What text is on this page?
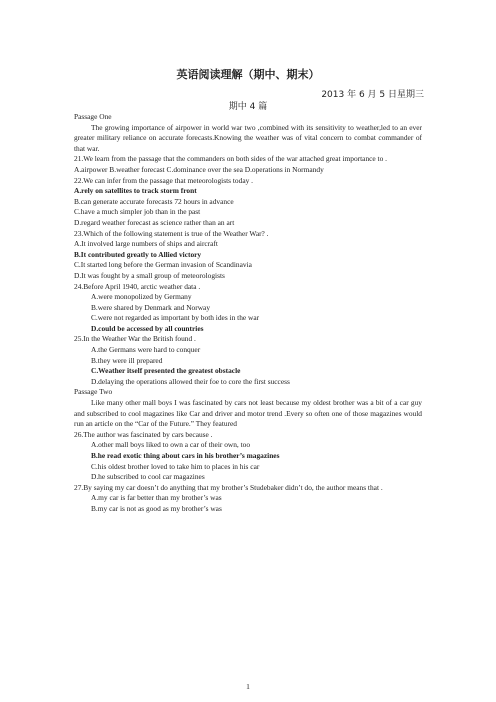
英语阅读理解（期中、期末）
2013 年 6 月 5 日星期三
期中 4 篇
Passage One
The growing importance of airpower in world war two ,combined with its sensitivity to weather,led to an ever greater military reliance on accurate forecasts.Knowing the weather was of vital concern to combat commander of that war.
21.We learn from the passage that the commanders on both sides of the war attached great importance to .
A.airpower B.weather forecast C.dominance over the sea D.operations in Normandy
22.We can infer from the passage that meteorologists today .
A.rely on satellites to track storm front
B.can generate accurate forecasts 72 hours in advance
C.have a much simpler job than in the past
D.regard weather forecast as science rather than an art
23.Which of the following statement is true of the Weather War? .
A.It involved large numbers of ships and aircraft
B.It contributed greatly to Allied victory
C.It started long before the German invasion of Scandinavia
D.It was fought by a small group of meteorologists
24.Before April 1940, arctic weather data .
A.were monopolized by Germany
B.were shared by Denmark and Norway
C.were not regarded as important by both ides in the war
D.could be accessed by all countries
25.In the Weather War the British found .
A.the Germans were hard to conquer
B.they were ill prepared
C.Weather itself presented the greatest obstacle
D.delaying the operations allowed their foe to core the first success
Passage Two
Like many other mall boys I was fascinated by cars not least because my oldest brother was a bit of a car guy and subscribed to cool magazines like Car and driver and motor trend .Every so often one of those magazines would run an article on the “Car of the Future.” They featured
26.The author was fascinated by cars because .
A.other mall boys liked to own a car of their own, too
B.he read exotic thing about cars in his brother’s magazines
C.his oldest brother loved to take him to places in his car
D.he subscribed to cool car magazines
27.By saying my car doesn’t do anything that my brother’s Studebaker didn’t do, the author means that .
A.my car is far better than my brother’s was
B.my car is not as good as my brother’s was
1
